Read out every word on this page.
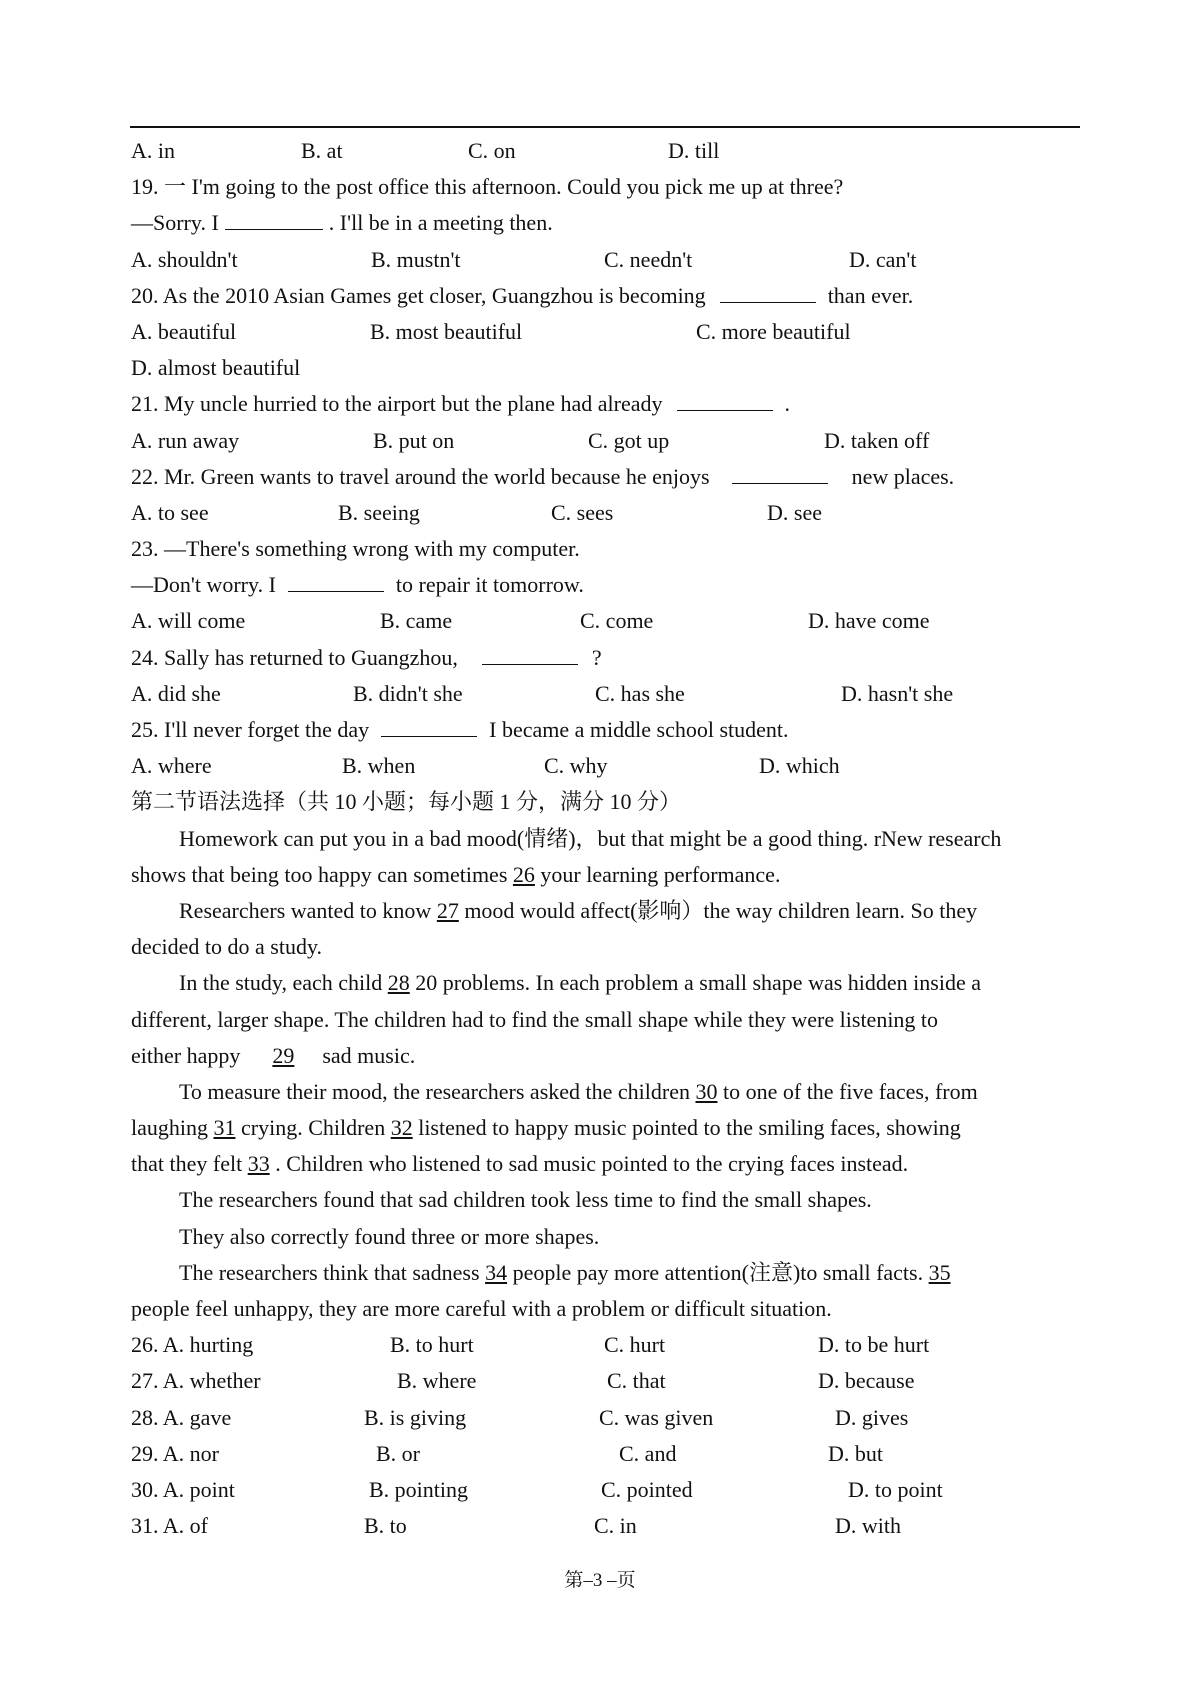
A. in	B. at	C. on	D. till
19. 一 I'm going to the post office this afternoon. Could you pick me up at three?
—Sorry. I	. I'll be in a meeting then.
A. shouldn't	B. mustn't	C. needn't	D. can't
20. As the 2010 Asian Games get closer, Guangzhou is becoming	than ever.
A. beautiful	B. most beautiful	C. more beautiful
D. almost beautiful
21. My uncle hurried to the airport but the plane had already	.
A. run away	B. put on	C. got up	D. taken off
22. Mr. Green wants to travel around the world because he enjoys	new places.
A. to see	B. seeing	C. sees	D. see
23. —There's something wrong with my computer.
—Don't worry. I	to repair it tomorrow.
A. will come	B. came	C. come	D. have come
24. Sally has returned to Guangzhou,	?
A. did she	B. didn't she	C. has she	D. hasn't she
25. I'll never forget the day	I became a middle school student.
A. where	B. when	C. why	D. which
第二节语法选择（共 10 小题；每小题 1 分，满分 10 分）
Homework can put you in a bad mood(情绪)，but that might be a good thing. rNew research
shows that being too happy can sometimes 26 your learning performance.
Researchers wanted to know 27 mood would affect(影响）the way children learn. So they
decided to do a study.
In the study, each child 28 20 problems. In each problem a small shape was hidden inside a
different, larger shape. The children had to find the small shape while they were listening to
either happy 29 sad music.
To measure their mood, the researchers asked the children 30 to one of the five faces, from
laughing 31 crying. Children 32 listened to happy music pointed to the smiling faces, showing
that they felt 33 . Children who listened to sad music pointed to the crying faces instead.
The researchers found that sad children took less time to find the small shapes.
They also correctly found three or more shapes.
The researchers think that sadness 34 people pay more attention(注意)to small facts. 35
people feel unhappy, they are more careful with a problem or difficult situation.
26. A. hurting	B. to hurt	C. hurt	D. to be hurt
27. A. whether	B. where	C. that	D. because
28. A. gave	B. is giving	C. was given	D. gives
29. A. nor	B. or	C. and	D. but
30. A. point	B. pointing	C. pointed	D. to point
31. A. of	B. to	C. in	D. with
第–3 –页
